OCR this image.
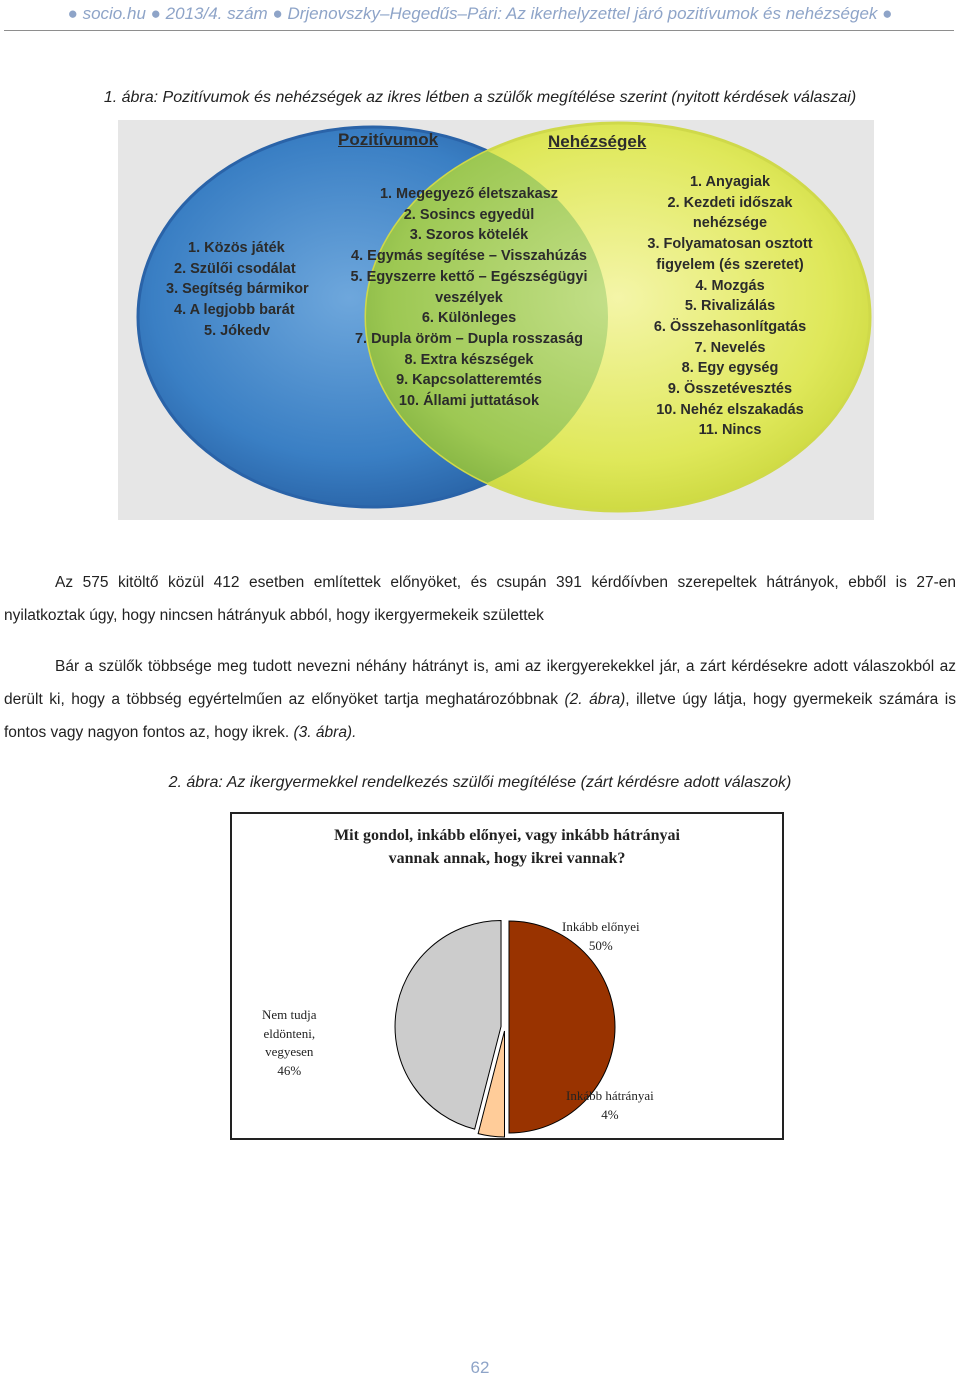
● socio.hu ● 2013/4. szám ● Drjenovszky–Hegedűs–Pári: Az ikerhelyzettel járó pozitívumok és nehézségek ●
1. ábra: Pozitívumok és nehézségek az ikres létben a szülők megítélése szerint (nyitott kérdések válaszai)
Pozitívumok	Nehézségek
1. Közös játék
2. Szülői csodálat
3. Segítség bármikor
4. A legjobb barát
5. Jókedv
1. Megegyező életszakasz
2. Sosincs egyedül
3. Szoros kötelék
4. Egymás segítése – Visszahúzás
5. Egyszerre kettő – Egészségügyi
veszélyek
6. Különleges
7. Dupla öröm – Dupla rosszaság
8. Extra készségek
9. Kapcsolatteremtés
10. Állami juttatások
1. Anyagiak
2. Kezdeti időszak
nehézsége
3. Folyamatosan osztott
figyelem (és szeretet)
4. Mozgás
5. Rivalizálás
6. Összehasonlítgatás
7. Nevelés
8. Egy egység
9. Összetévesztés
10. Nehéz elszakadás
11. Nincs

Az 575 kitöltő közül 412 esetben említettek előnyöket, és csupán 391 kérdőívben szerepeltek hátrányok, ebből is 27-en

nyilatkoztak úgy, hogy nincsen hátrányuk abból, hogy ikergyermekeik születtek

Bár a szülők többsége meg tudott nevezni néhány hátrányt is, ami az ikergyerekekkel jár, a zárt kérdésekre adott válaszokból az derült ki, hogy a többség egyértelműen az előnyöket tartja meghatározóbbnak (2. ábra), illetve úgy látja, hogy gyermekeik számára is fontos vagy nagyon fontos az, hogy ikrek. (3. ábra).

2. ábra: Az ikergyermekkel rendelkezés szülői megítélése (zárt kérdésre adott válaszok)
Mit gondol, inkább előnyei, vagy inkább hátrányai
vannak annak, hogy ikrei vannak?
Inkább előnyei
50%
Inkább hátrányai
4%
Nem tudja
eldönteni,
vegyesen
46%
62
